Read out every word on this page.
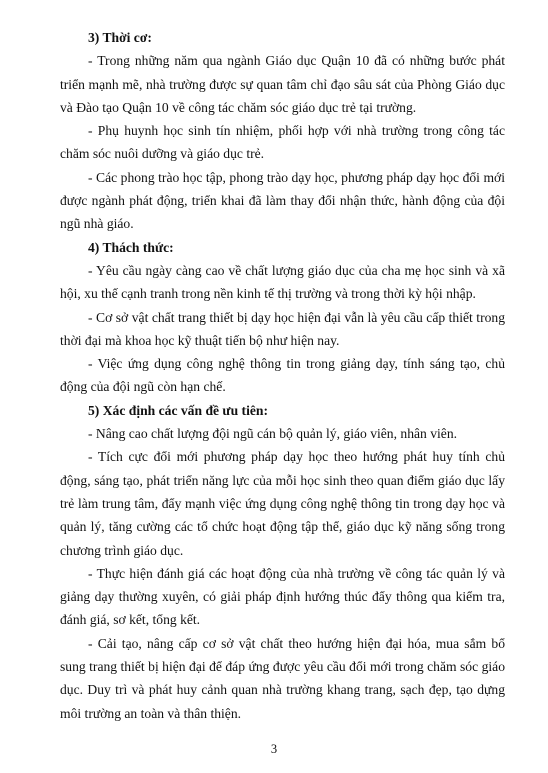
3) Thời cơ:

- Trong những năm qua ngành Giáo dục Quận 10 đã có những bước phát triển mạnh mẽ, nhà trường được sự quan tâm chỉ đạo sâu sát của Phòng Giáo dục và Đào tạo Quận 10 về công tác chăm sóc giáo dục trẻ tại trường.

- Phụ huynh học sinh tín nhiệm, phối hợp với nhà trường trong công tác chăm sóc nuôi dưỡng và giáo dục trẻ.

- Các phong trào học tập, phong trào dạy học, phương pháp dạy học đổi mới được ngành phát động, triển khai đã làm thay đổi nhận thức, hành động của đội ngũ nhà giáo.

4) Thách thức:

- Yêu cầu ngày càng cao về chất lượng giáo dục của cha mẹ học sinh và xã hội, xu thế cạnh tranh trong nền kinh tế thị trường và trong thời kỳ hội nhập.

- Cơ sở vật chất trang thiết bị dạy học hiện đại vẫn là yêu cầu cấp thiết trong thời đại mà khoa học kỹ thuật tiến bộ như hiện nay.

- Việc ứng dụng công nghệ thông tin trong giảng dạy, tính sáng tạo, chủ động của đội ngũ còn hạn chế.

5) Xác định các vấn đề ưu tiên:

- Nâng cao chất lượng đội ngũ cán bộ quản lý, giáo viên, nhân viên.

- Tích cực đổi mới phương pháp dạy học theo hướng phát huy tính chủ động, sáng tạo, phát triển năng lực của mỗi học sinh theo quan điểm giáo dục lấy trẻ làm trung tâm, đẩy mạnh việc ứng dụng công nghệ thông tin trong dạy học và quản lý, tăng cường các tổ chức hoạt động tập thể, giáo dục kỹ năng sống trong chương trình giáo dục.

- Thực hiện đánh giá các hoạt động của nhà trường về công tác quản lý và giảng dạy thường xuyên, có giải pháp định hướng thúc đẩy thông qua kiểm tra, đánh giá, sơ kết, tổng kết.

- Cải tạo, nâng cấp cơ sở vật chất theo hướng hiện đại hóa, mua sắm bổ sung trang thiết bị hiện đại để đáp ứng được yêu cầu đổi mới trong chăm sóc giáo dục. Duy trì và phát huy cảnh quan nhà trường khang trang, sạch đẹp, tạo dựng môi trường an toàn và thân thiện.

3
